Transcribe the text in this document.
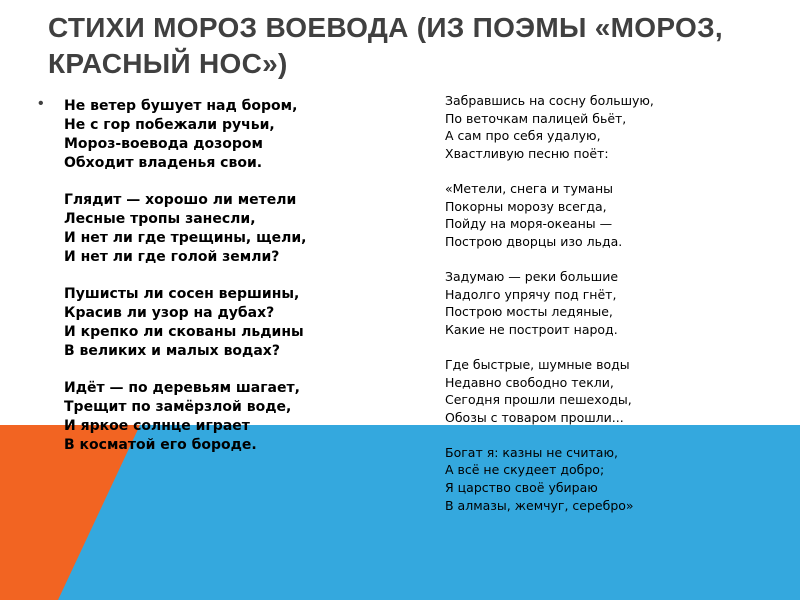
СТИХИ МОРОЗ ВОЕВОДА (ИЗ ПОЭМЫ «МОРОЗ, КРАСНЫЙ НОС»)
• Не ветер бушует над бором,
Не с гор побежали ручьи,
Мороз-воевода дозором
Обходит владенья свои.
Глядит — хорошо ли метели
Лесные тропы занесли,
И нет ли где трещины, щели,
И нет ли где голой земли?
Пушисты ли сосен вершины,
Красив ли узор на дубах?
И крепко ли скованы льдины
В великих и малых водах?
Идёт — по деревьям шагает,
Трещит по замёрзлой воде,
И яркое солнце играет
В косматой его бороде.
Забравшись на сосну большую,
По веточкам палицей бьёт,
А сам про себя удалую,
Хвастливую песню поёт:
«Метели, снега и туманы
Покорны морозу всегда,
Пойду на моря-океаны —
Построю дворцы изо льда.
Задумаю — реки большие
Надолго упрячу под гнёт,
Построю мосты ледяные,
Какие не построит народ.
Где быстрые, шумные воды
Недавно свободно текли,
Сегодня прошли пешеходы,
Обозы с товаром прошли...
Богат я: казны не считаю,
А всё не скудеет добро;
Я царство своё убираю
В алмазы, жемчуг, серебро»
